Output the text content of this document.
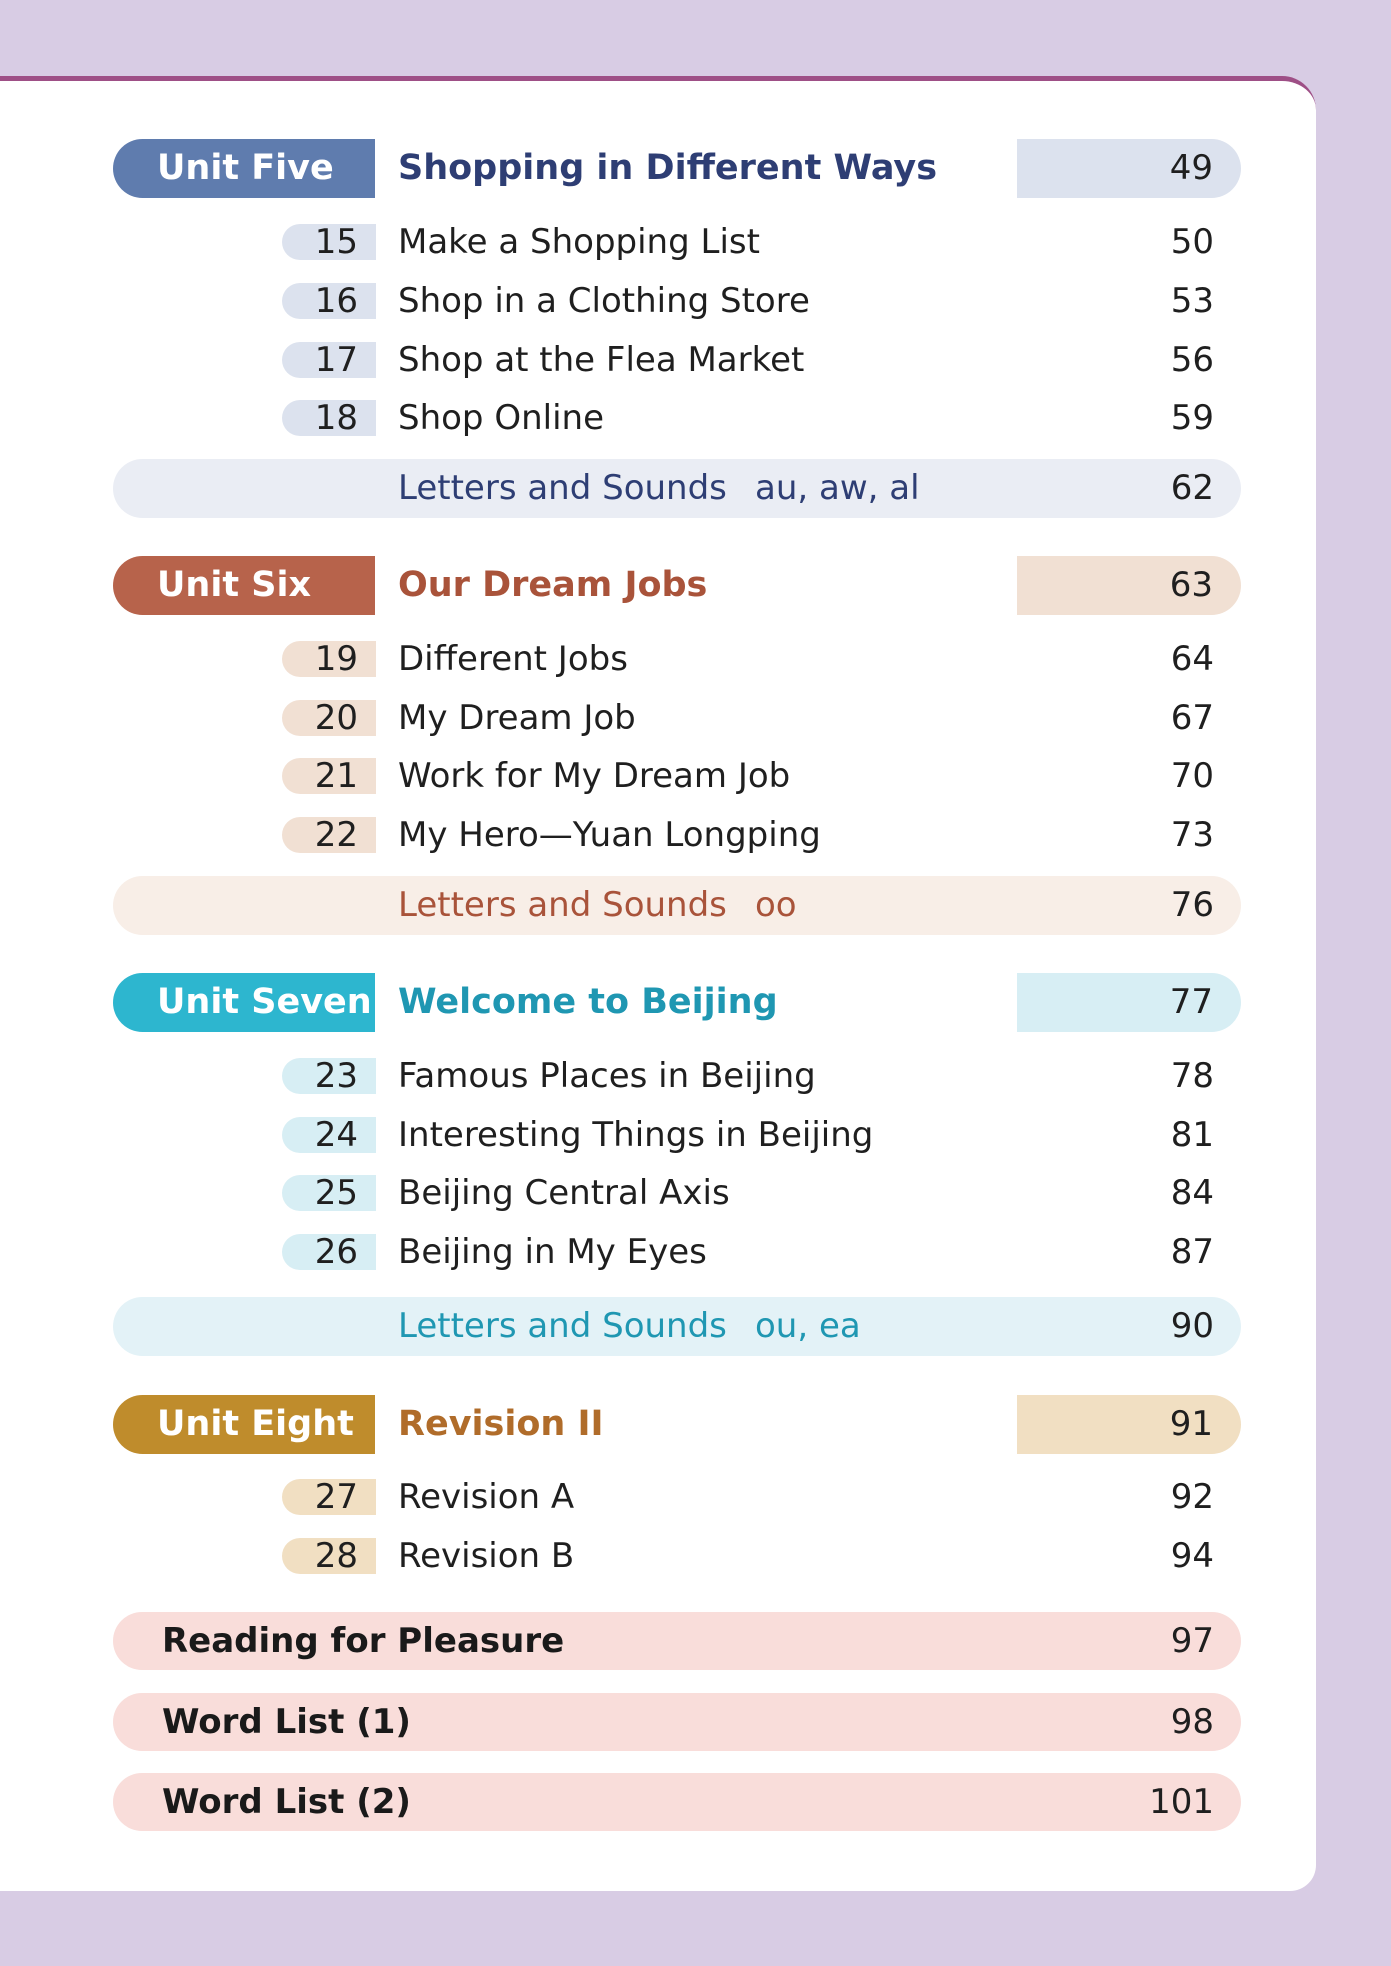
Unit Five	Shopping in Different Ways	49
15	Make a Shopping List	50
16	Shop in a Clothing Store	53
17	Shop at the Flea Market	56
18	Shop Online	59
Letters and Sounds au, aw, al	62
Unit Six	Our Dream Jobs	63
19	Different Jobs	64
20	My Dream Job	67
21	Work for My Dream Job	70
22	My Hero—Yuan Longping	73
Letters and Sounds oo	76
Unit Seven Welcome to Beijing	77
23	Famous Places in Beijing	78
24	Interesting Things in Beijing	81
25	Beijing Central Axis	84
26	Beijing in My Eyes	87
Letters and Sounds ou, ea	90
Unit Eight	Revision II	91
27	Revision A	92
28	Revision B	94
Reading for Pleasure	97
Word List (1)	98
Word List (2)	101
